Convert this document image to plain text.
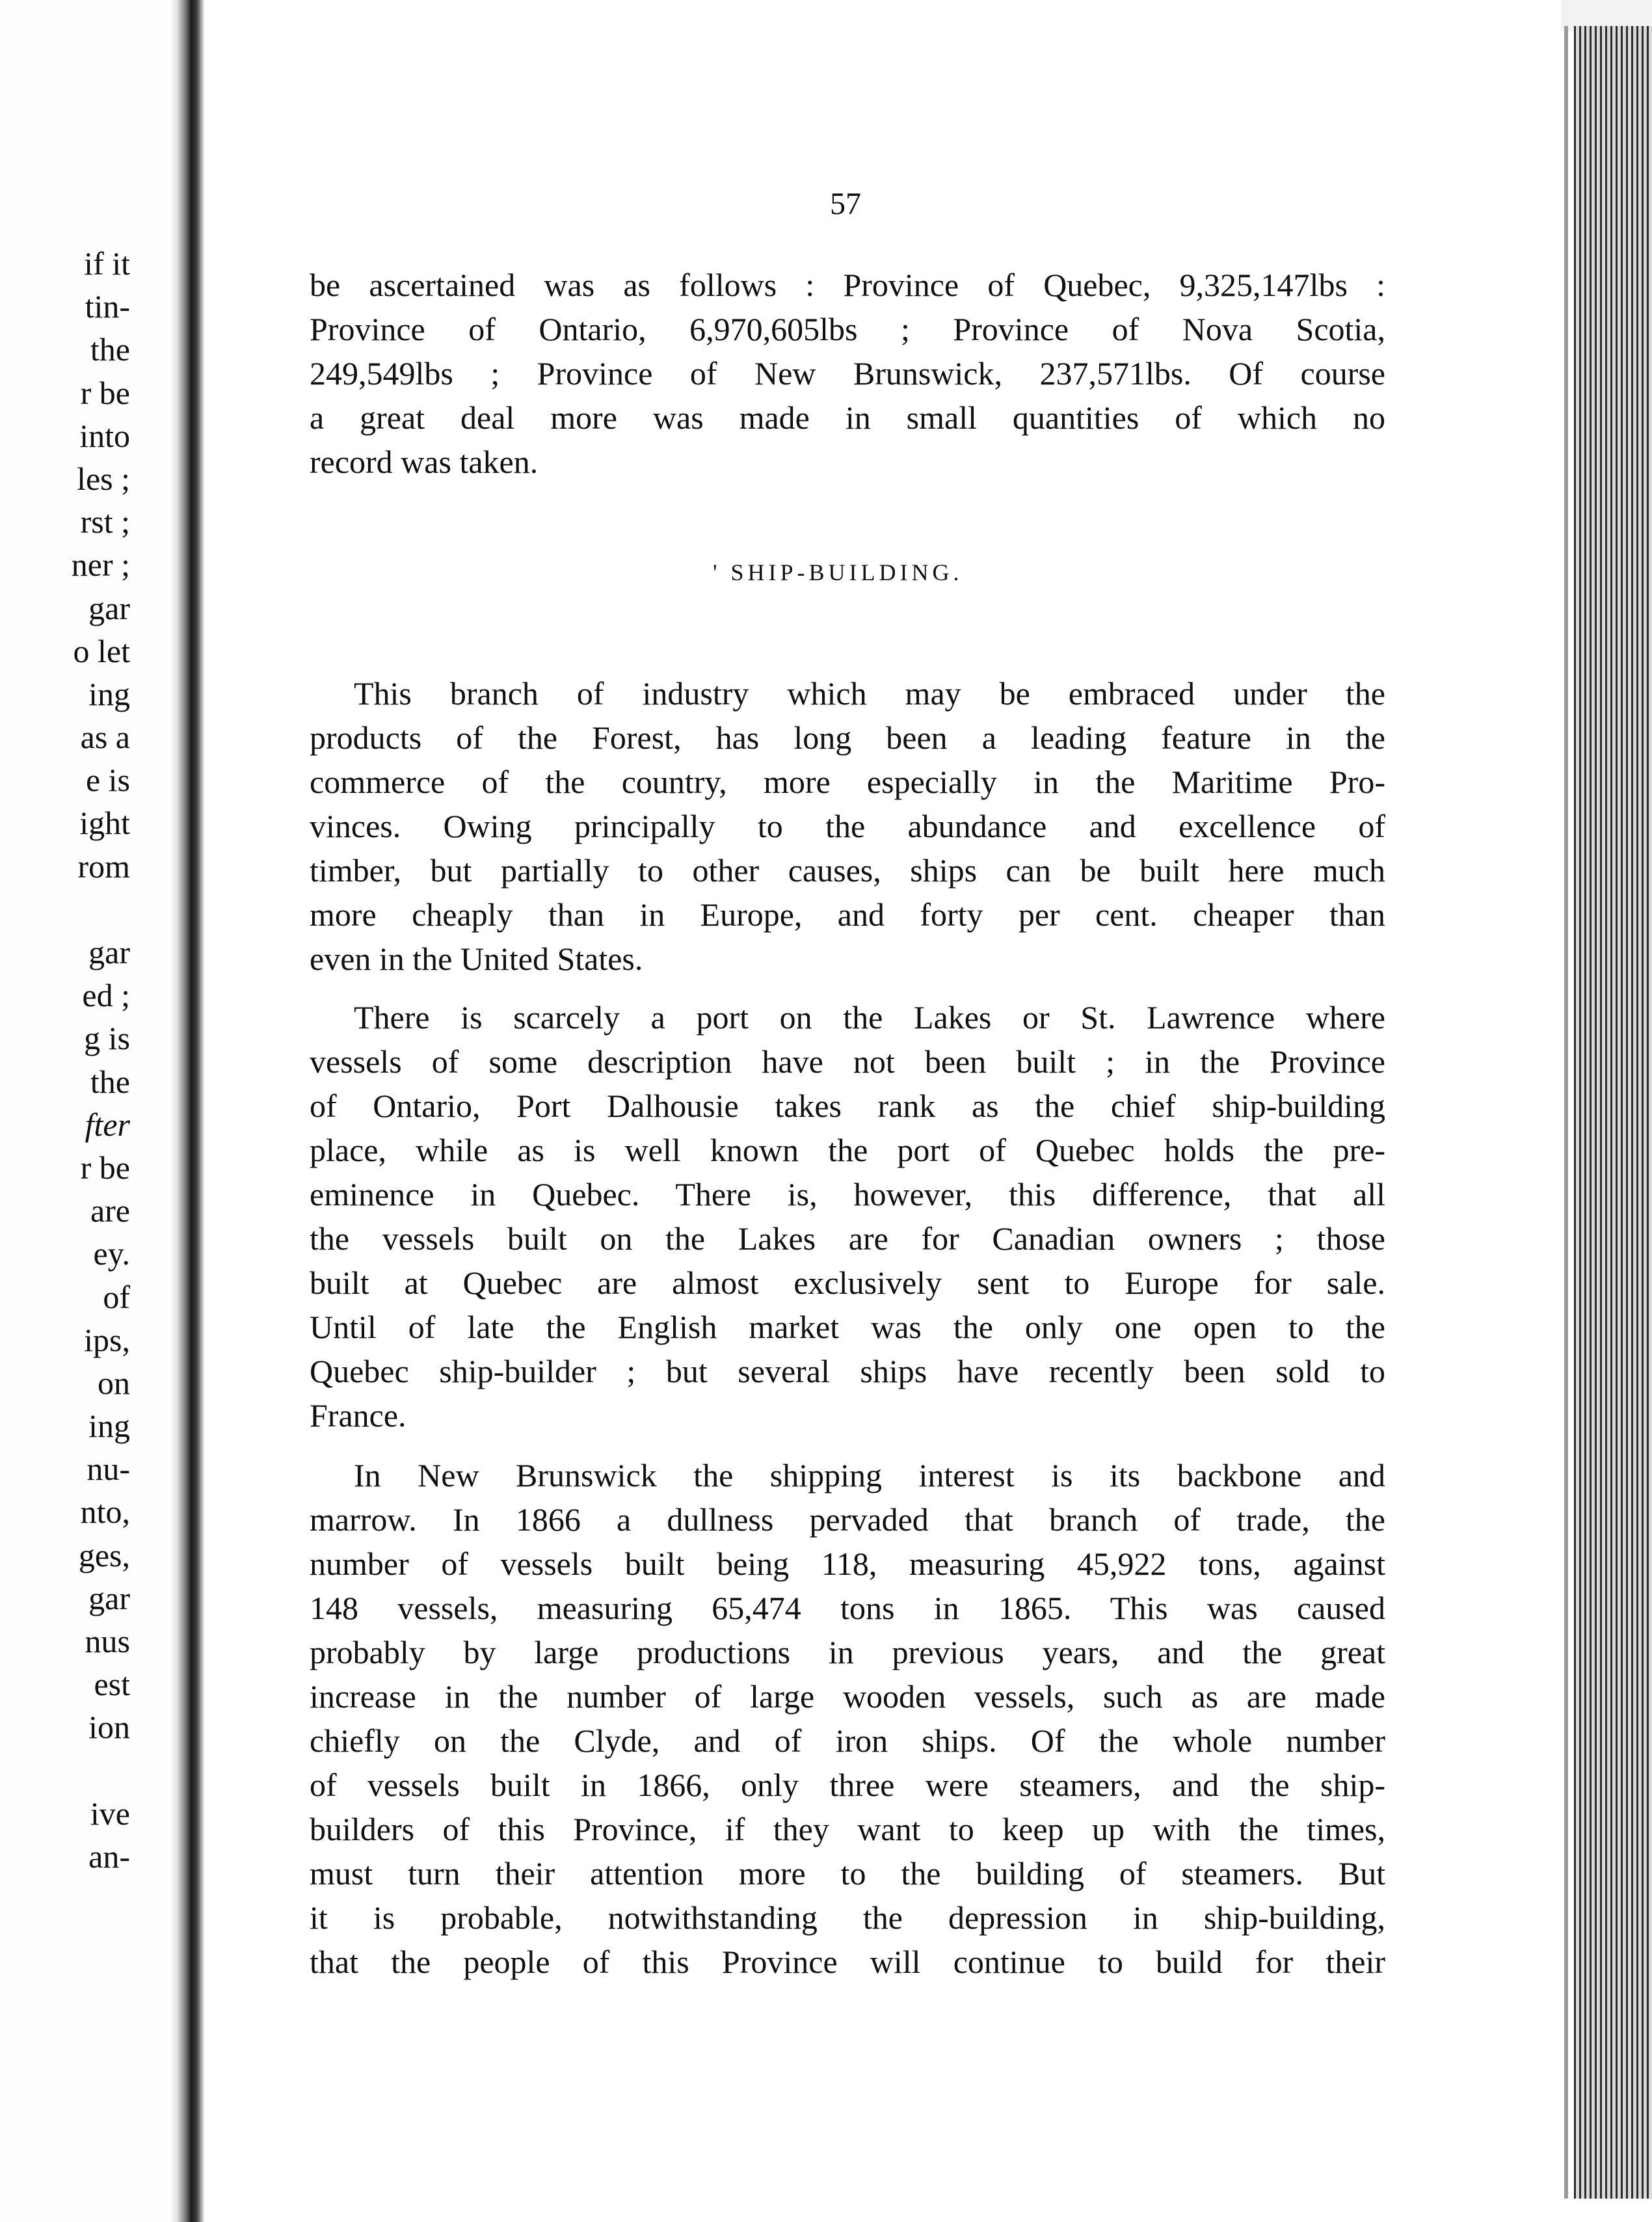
if it
tin-
the
r be
into
les ;
rst ;
ner ;
gar
o let
ing
as a
e is
ight
rom
gar
ed ;
g is
the
fter
r be
are
ey.
of
ips,
on
ing
nu-
nto,
ges,
gar
nus
est
ion
ive
an-
57
be ascertained was as follows : Province of Quebec, 9,325,147lbs :
Province of Ontario, 6,970,605lbs ; Province of Nova Scotia,
249,549lbs ; Province of New Brunswick, 237,571lbs. Of course
a great deal more was made in small quantities of which no
record was taken.
' SHIP-BUILDING.
This branch of industry which may be embraced under the
products of the Forest, has long been a leading feature in the
commerce of the country, more especially in the Maritime Pro-
vinces. Owing principally to the abundance and excellence of
timber, but partially to other causes, ships can be built here much
more cheaply than in Europe, and forty per cent. cheaper than
even in the United States.
There is scarcely a port on the Lakes or St. Lawrence where
vessels of some description have not been built ; in the Province
of Ontario, Port Dalhousie takes rank as the chief ship-building
place, while as is well known the port of Quebec holds the pre-
eminence in Quebec. There is, however, this difference, that all
the vessels built on the Lakes are for Canadian owners ; those
built at Quebec are almost exclusively sent to Europe for sale.
Until of late the English market was the only one open to the
Quebec ship-builder ; but several ships have recently been sold to
France.
In New Brunswick the shipping interest is its backbone and
marrow. In 1866 a dullness pervaded that branch of trade, the
number of vessels built being 118, measuring 45,922 tons, against
148 vessels, measuring 65,474 tons in 1865. This was caused
probably by large productions in previous years, and the great
increase in the number of large wooden vessels, such as are made
chiefly on the Clyde, and of iron ships. Of the whole number
of vessels built in 1866, only three were steamers, and the ship-
builders of this Province, if they want to keep up with the times,
must turn their attention more to the building of steamers. But
it is probable, notwithstanding the depression in ship-building,
that the people of this Province will continue to build for their
